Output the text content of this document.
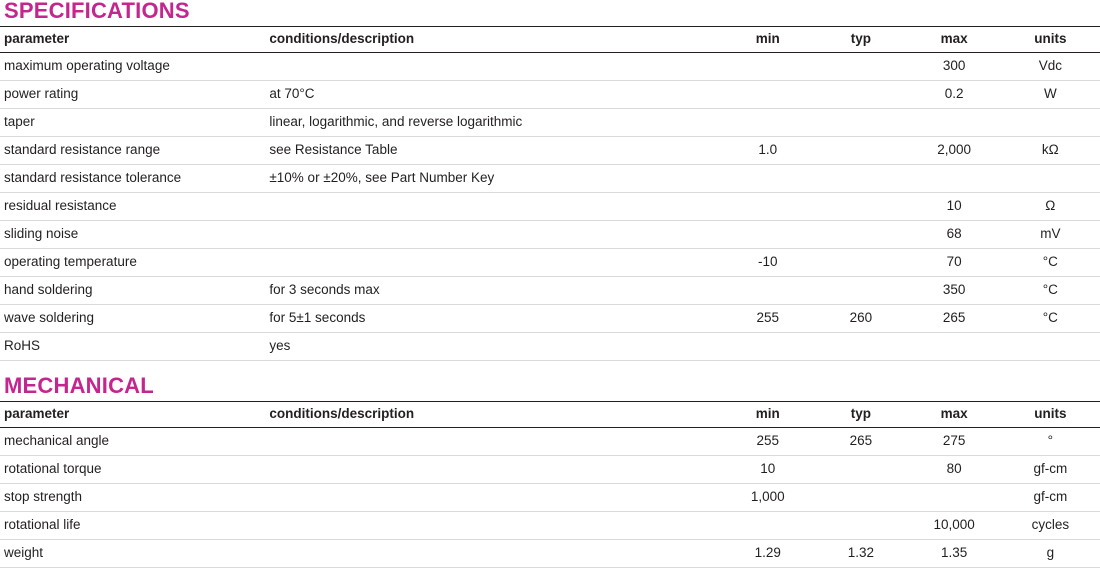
SPECIFICATIONS
parameter	conditions/description	min	typ	max	units
maximum operating voltage				300	Vdc
power rating	at 70°C			0.2	W
taper	linear, logarithmic, and reverse logarithmic				
standard resistance range	see Resistance Table	1.0		2,000	kΩ
standard resistance tolerance	±10% or ±20%, see Part Number Key				
residual resistance				10	Ω
sliding noise				68	mV
operating temperature		-10		70	°C
hand soldering	for 3 seconds max			350	°C
wave soldering	for 5±1 seconds	255	260	265	°C
RoHS	yes				
MECHANICAL
parameter	conditions/description	min	typ	max	units
mechanical angle		255	265	275	°
rotational torque		10		80	gf-cm
stop strength		1,000			gf-cm
rotational life				10,000	cycles
weight		1.29	1.32	1.35	g
